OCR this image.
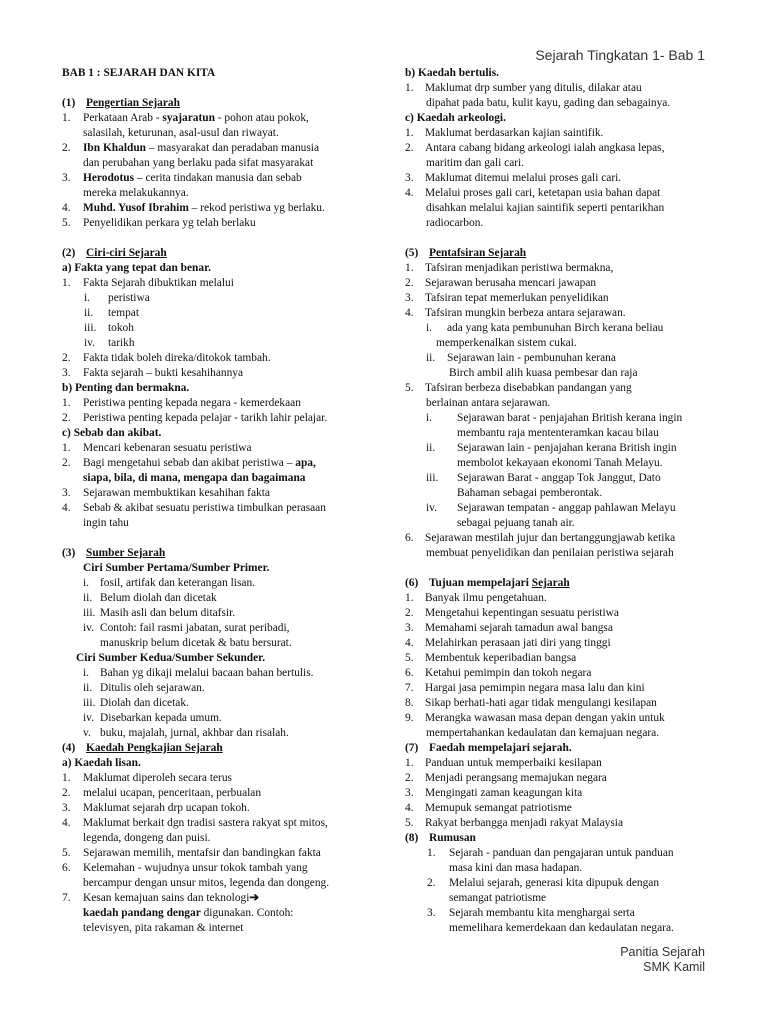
Sejarah Tingkatan 1- Bab 1
BAB 1 : SEJARAH DAN KITA
(1) Pengertian Sejarah
1. Perkataan Arab - syajaratun - pohon atau pokok,
salasilah, keturunan, asal-usul dan riwayat.
2. Ibn Khaldun – masyarakat dan peradaban manusia
dan perubahan yang berlaku pada sifat masyarakat
3. Herodotus – cerita tindakan manusia dan sebab
mereka melakukannya.
4. Muhd. Yusof Ibrahim – rekod peristiwa yg berlaku.
5. Penyelidikan perkara yg telah berlaku
(2) Ciri-ciri Sejarah
a) Fakta yang tepat dan benar.
1. Fakta Sejarah dibuktikan melalui
i. peristiwa
ii. tempat
iii. tokoh
iv. tarikh
2. Fakta tidak boleh direka/ditokok tambah.
3. Fakta sejarah – bukti kesahihannya
b) Penting dan bermakna.
1. Peristiwa penting kepada negara - kemerdekaan
2. Peristiwa penting kepada pelajar - tarikh lahir pelajar.
c) Sebab dan akibat.
1. Mencari kebenaran sesuatu peristiwa
2. Bagi mengetahui sebab dan akibat peristiwa – apa,
siapa, bila, di mana, mengapa dan bagaimana
3. Sejarawan membuktikan kesahihan fakta
4. Sebab & akibat sesuatu peristiwa timbulkan perasaan
ingin tahu
(3) Sumber Sejarah
Ciri Sumber Pertama/Sumber Primer.
i. fosil, artifak dan keterangan lisan.
ii. Belum diolah dan dicetak
iii. Masih asli dan belum ditafsir.
iv. Contoh: fail rasmi jabatan, surat peribadi,
manuskrip belum dicetak & batu bersurat.
Ciri Sumber Kedua/Sumber Sekunder.
i. Bahan yg dikaji melalui bacaan bahan bertulis.
ii. Ditulis oleh sejarawan.
iii. Diolah dan dicetak.
iv. Disebarkan kepada umum.
v. buku, majalah, jurnal, akhbar dan risalah.
(4) Kaedah Pengkajian Sejarah
a) Kaedah lisan.
1. Maklumat diperoleh secara terus
2. melalui ucapan, penceritaan, perbualan
3. Maklumat sejarah drp ucapan tokoh.
4. Maklumat berkait dgn tradisi sastera rakyat spt mitos,
legenda, dongeng dan puisi.
5. Sejarawan memilih, mentafsir dan bandingkan fakta
6. Kelemahan - wujudnya unsur tokok tambah yang
bercampur dengan unsur mitos, legenda dan dongeng.
7. Kesan kemajuan sains dan teknologi➔
kaedah pandang dengar digunakan. Contoh:
televisyen, pita rakaman & internet
b) Kaedah bertulis.
1. Maklumat drp sumber yang ditulis, dilakar atau
dipahat pada batu, kulit kayu, gading dan sebagainya.
c) Kaedah arkeologi.
1. Maklumat berdasarkan kajian saintifik.
2. Antara cabang bidang arkeologi ialah angkasa lepas,
maritim dan gali cari.
3. Maklumat ditemui melalui proses gali cari.
4. Melalui proses gali cari, ketetapan usia bahan dapat
disahkan melalui kajian saintifik seperti pentarikhan
radiocarbon.
(5) Pentafsiran Sejarah
1. Tafsiran menjadikan peristiwa bermakna,
2. Sejarawan berusaha mencari jawapan
3. Tafsiran tepat memerlukan penyelidikan
4. Tafsiran mungkin berbeza antara sejarawan.
i. ada yang kata pembunuhan Birch kerana beliau
memperkenalkan sistem cukai.
ii. Sejarawan lain - pembunuhan kerana
Birch ambil alih kuasa pembesar dan raja
5. Tafsiran berbeza disebabkan pandangan yang
berlainan antara sejarawan.
i. Sejarawan barat - penjajahan British kerana ingin
membantu raja mententeramkan kacau bilau
ii. Sejarawan lain - penjajahan kerana British ingin
membolot kekayaan ekonomi Tanah Melayu.
iii. Sejarawan Barat - anggap Tok Janggut, Dato
Bahaman sebagai pemberontak.
iv. Sejarawan tempatan - anggap pahlawan Melayu
sebagai pejuang tanah air.
6. Sejarawan mestilah jujur dan bertanggungjawab ketika
membuat penyelidikan dan penilaian peristiwa sejarah
(6) Tujuan mempelajari Sejarah
1. Banyak ilmu pengetahuan.
2. Mengetahui kepentingan sesuatu peristiwa
3. Memahami sejarah tamadun awal bangsa
4. Melahirkan perasaan jati diri yang tinggi
5. Membentuk keperibadian bangsa
6. Ketahui pemimpin dan tokoh negara
7. Hargai jasa pemimpin negara masa lalu dan kini
8. Sikap berhati-hati agar tidak mengulangi kesilapan
9. Merangka wawasan masa depan dengan yakin untuk
mempertahankan kedaulatan dan kemajuan negara.
(7) Faedah mempelajari sejarah.
1. Panduan untuk memperbaiki kesilapan
2. Menjadi perangsang memajukan negara
3. Mengingati zaman keagungan kita
4. Memupuk semangat patriotisme
5. Rakyat berbangga menjadi rakyat Malaysia
(8) Rumusan
1. Sejarah - panduan dan pengajaran untuk panduan
masa kini dan masa hadapan.
2. Melalui sejarah, generasi kita dipupuk dengan
semangat patriotisme
3. Sejarah membantu kita menghargai serta
memelihara kemerdekaan dan kedaulatan negara.
Panitia Sejarah
SMK Kamil
